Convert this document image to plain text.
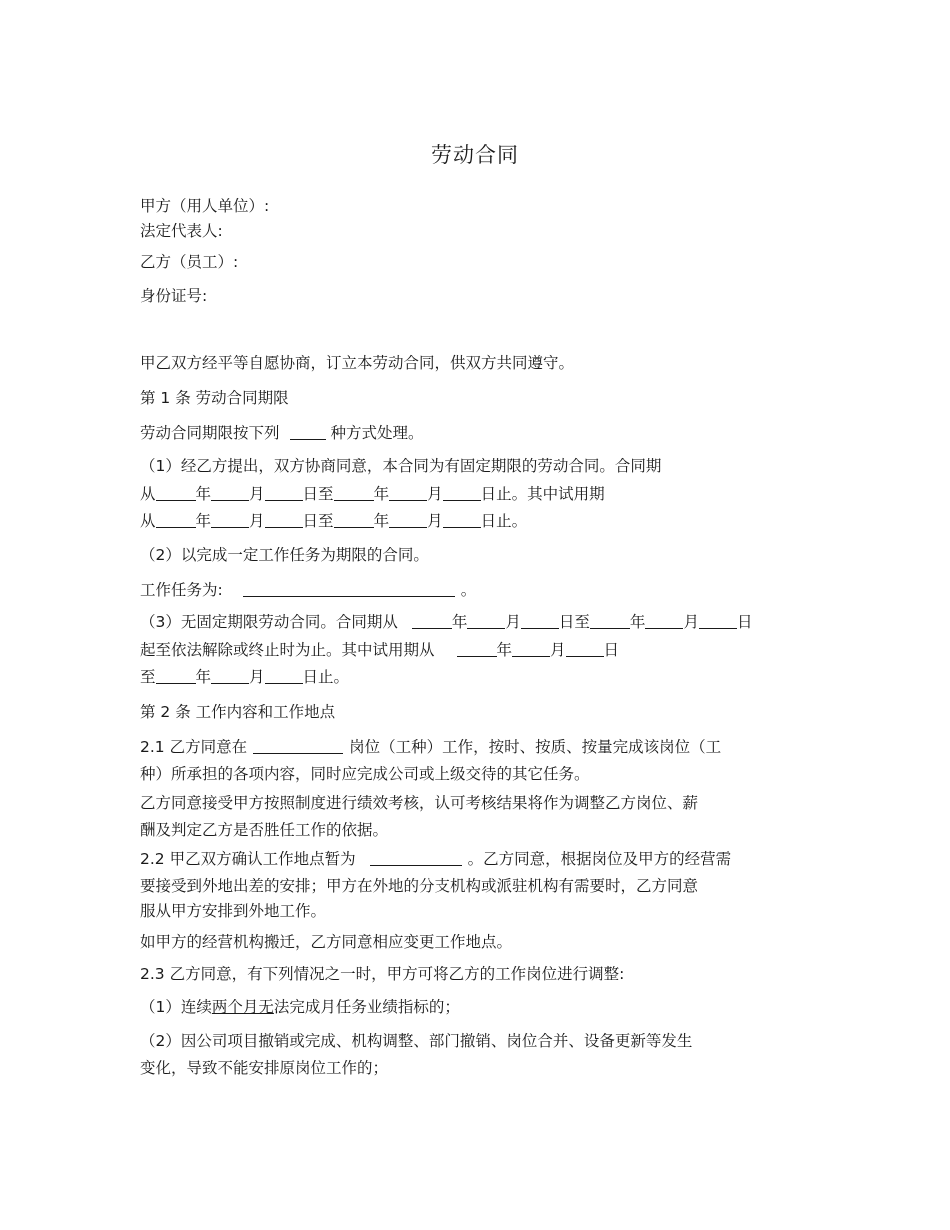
劳动合同
甲方（用人单位）:
法定代表人:
乙方（员工）:
身份证号:
甲乙双方经平等自愿协商，订立本劳动合同，供双方共同遵守。
第 1 条 劳动合同期限
劳动合同期限按下列	种方式处理。
（1）经乙方提出，双方协商同意，本合同为有固定期限的劳动合同。合同期
从	年 月 日至	年 月 日止。其中试用期
从	年 月 日至	年 月 日止。
（2）以完成一定工作任务为期限的合同。
工作任务为:	。
（3）无固定期限劳动合同。合同期从	年 月 日至	年 月 日
起至依法解除或终止时为止。其中试用期从	年 月 日
至	年 月 日止。
第 2 条 工作内容和工作地点
2.1 乙方同意在	岗位（工种）工作，按时、按质、按量完成该岗位（工
种）所承担的各项内容，同时应完成公司或上级交待的其它任务。
乙方同意接受甲方按照制度进行绩效考核，认可考核结果将作为调整乙方岗位、薪
酬及判定乙方是否胜任工作的依据。
2.2 甲乙双方确认工作地点暂为	。乙方同意，根据岗位及甲方的经营需
要接受到外地出差的安排；甲方在外地的分支机构或派驻机构有需要时，乙方同意
服从甲方安排到外地工作。
如甲方的经营机构搬迁，乙方同意相应变更工作地点。
2.3 乙方同意，有下列情况之一时，甲方可将乙方的工作岗位进行调整:
（1）连续两个月无法完成月任务业绩指标的；
（2）因公司项目撤销或完成、机构调整、部门撤销、岗位合并、设备更新等发生
变化，导致不能安排原岗位工作的；
